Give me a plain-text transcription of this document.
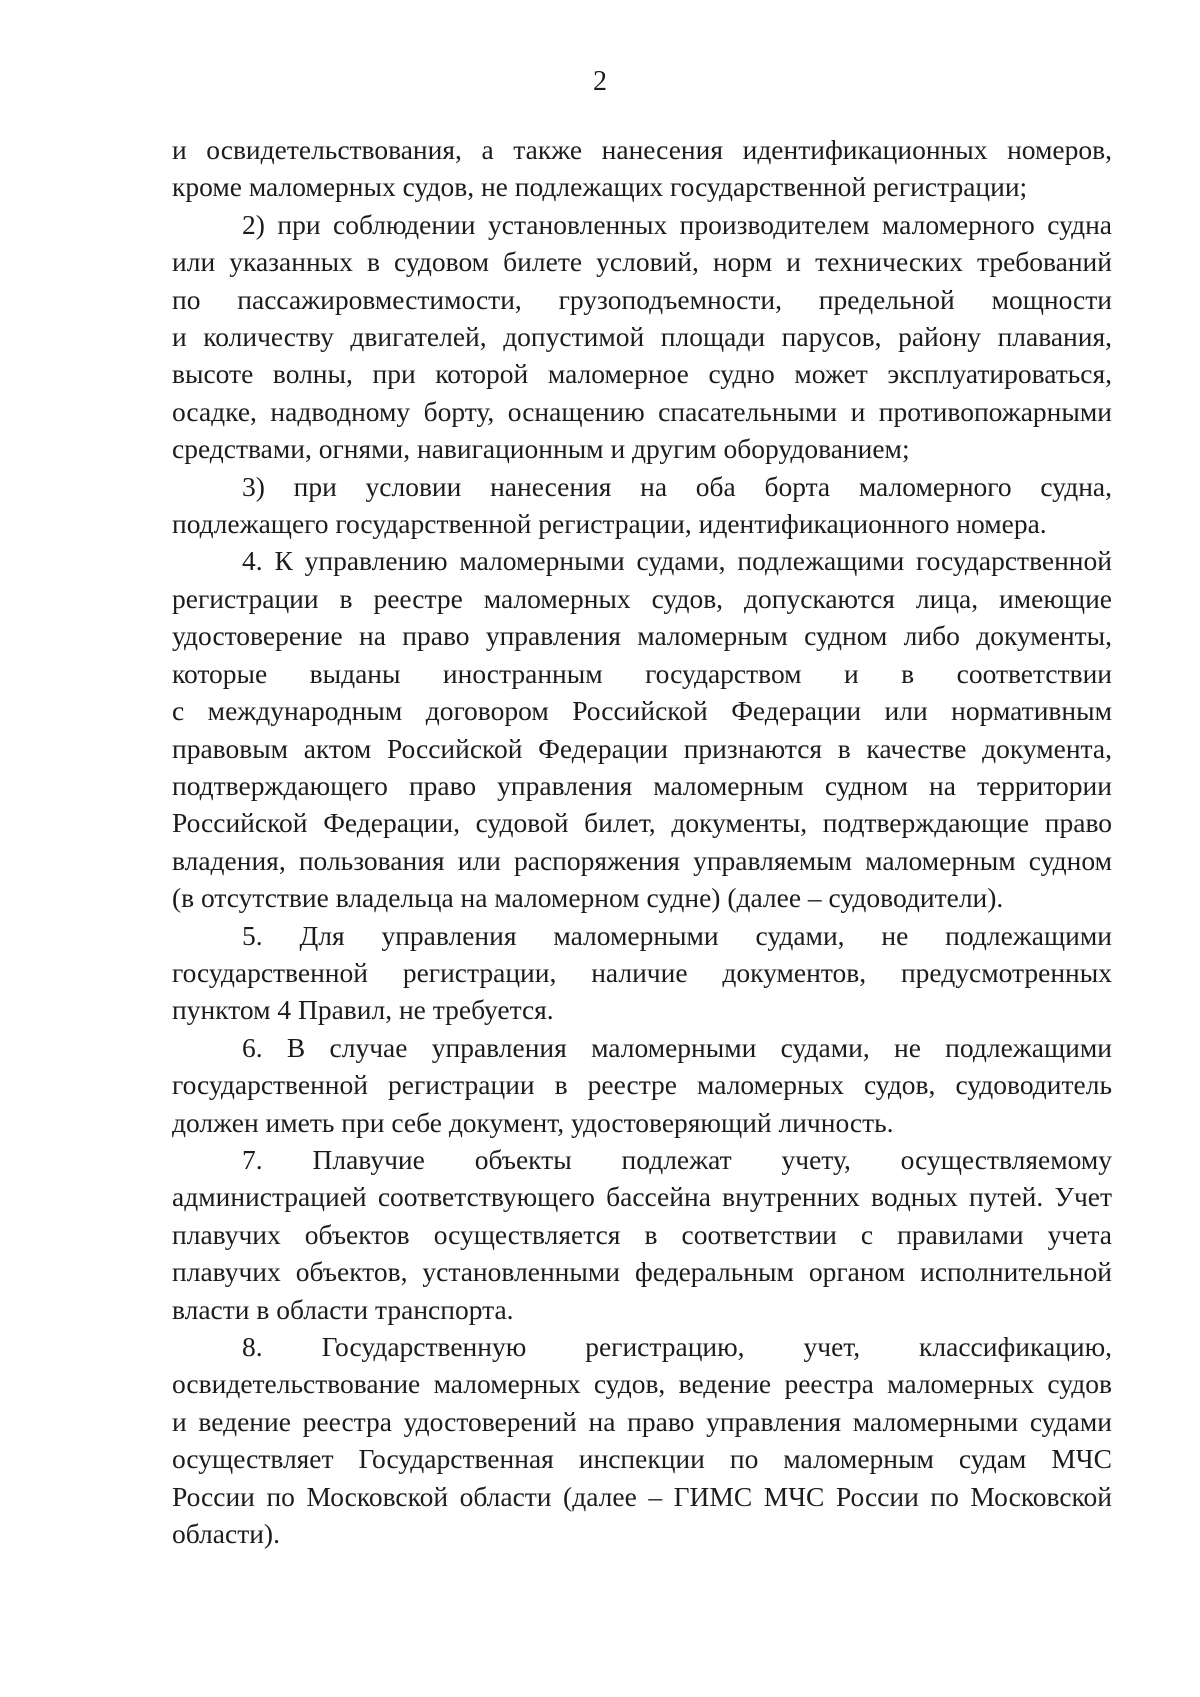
2
и освидетельствования, а также нанесения идентификационных номеров,
кроме маломерных судов, не подлежащих государственной регистрации;
2) при соблюдении установленных производителем маломерного судна
или указанных в судовом билете условий, норм и технических требований
по пассажировместимости, грузоподъемности, предельной мощности
и количеству двигателей, допустимой площади парусов, району плавания,
высоте волны, при которой маломерное судно может эксплуатироваться,
осадке, надводному борту, оснащению спасательными и противопожарными
средствами, огнями, навигационным и другим оборудованием;
3) при условии нанесения на оба борта маломерного судна,
подлежащего государственной регистрации, идентификационного номера.
4. К управлению маломерными судами, подлежащими государственной
регистрации в реестре маломерных судов, допускаются лица, имеющие
удостоверение на право управления маломерным судном либо документы,
которые выданы иностранным государством и в соответствии
с международным договором Российской Федерации или нормативным
правовым актом Российской Федерации признаются в качестве документа,
подтверждающего право управления маломерным судном на территории
Российской Федерации, судовой билет, документы, подтверждающие право
владения, пользования или распоряжения управляемым маломерным судном
(в отсутствие владельца на маломерном судне) (далее – судоводители).
5. Для управления маломерными судами, не подлежащими
государственной регистрации, наличие документов, предусмотренных
пунктом 4 Правил, не требуется.
6. В случае управления маломерными судами, не подлежащими
государственной регистрации в реестре маломерных судов, судоводитель
должен иметь при себе документ, удостоверяющий личность.
7. Плавучие объекты подлежат учету, осуществляемому
администрацией соответствующего бассейна внутренних водных путей. Учет
плавучих объектов осуществляется в соответствии с правилами учета
плавучих объектов, установленными федеральным органом исполнительной
власти в области транспорта.
8. Государственную регистрацию, учет, классификацию,
освидетельствование маломерных судов, ведение реестра маломерных судов
и ведение реестра удостоверений на право управления маломерными судами
осуществляет Государственная инспекции по маломерным судам МЧС
России по Московской области (далее – ГИМС МЧС России по Московской
области).
